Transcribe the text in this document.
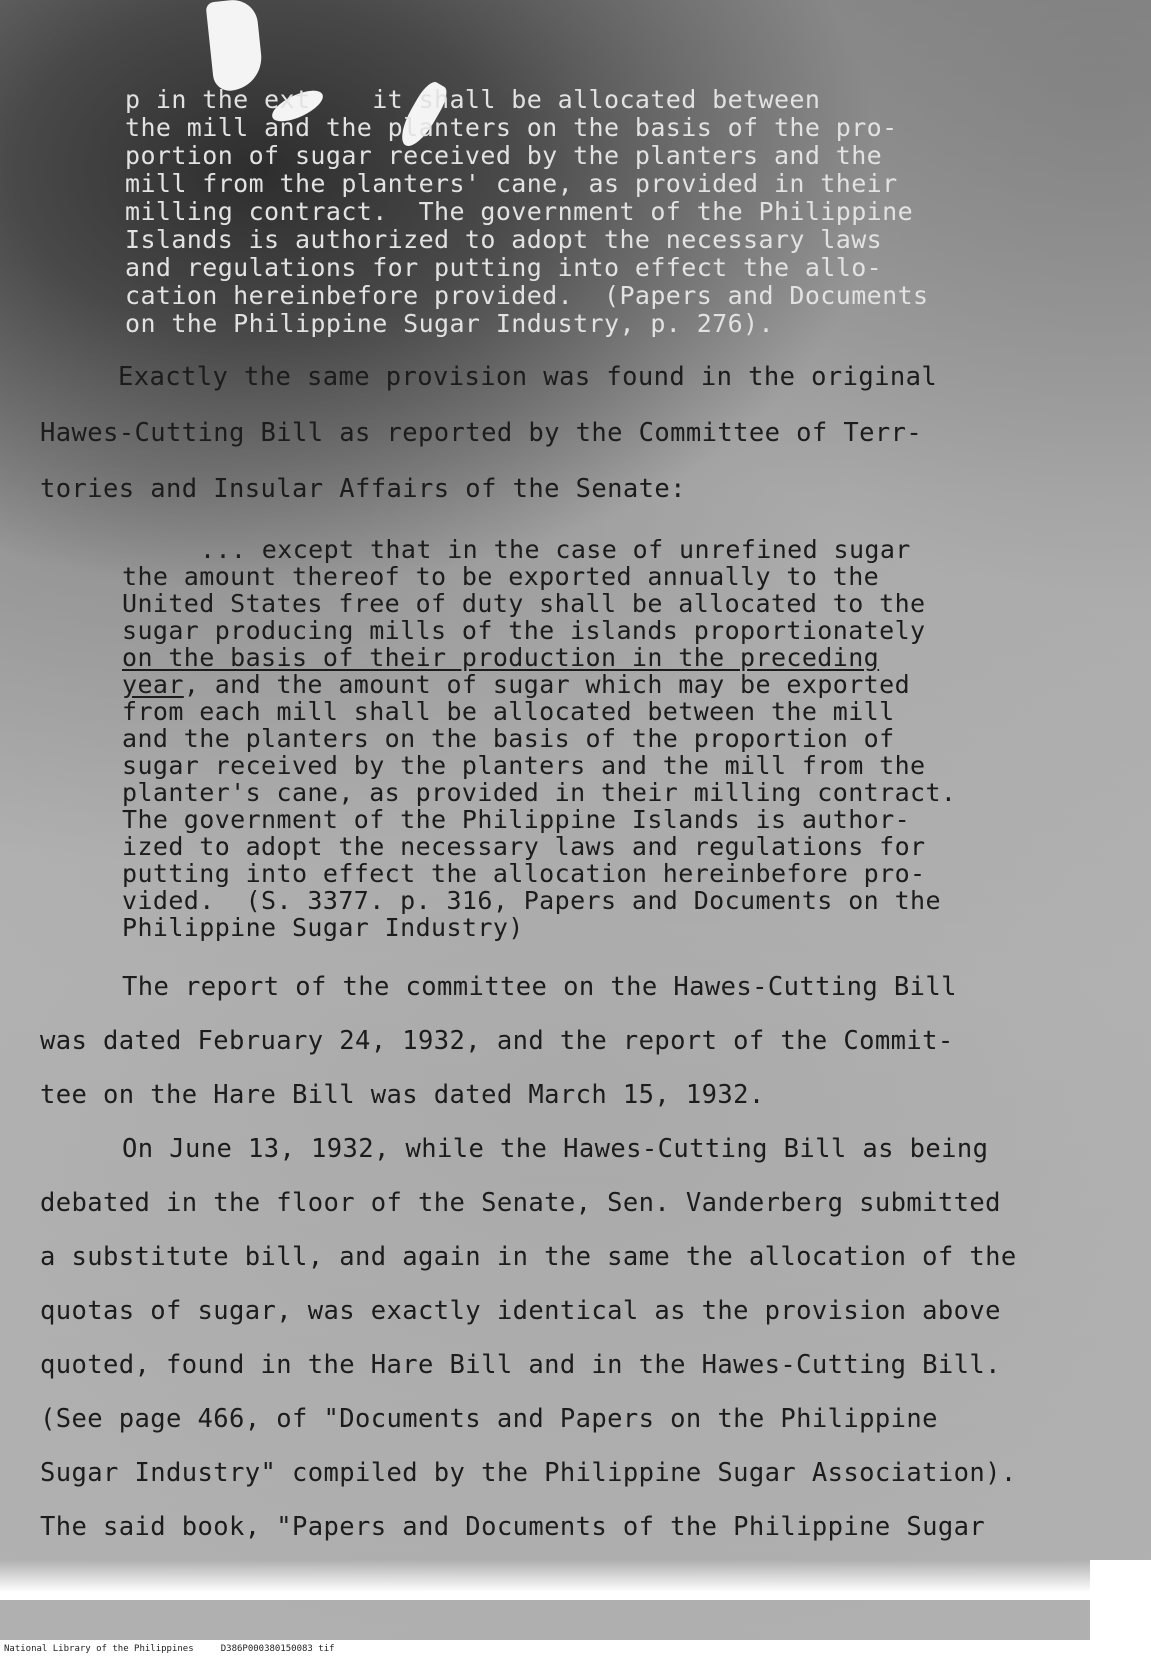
p in the ext    it shall be allocated between
the mill and the planters on the basis of the pro-
portion of sugar received by the planters and the
mill from the planters' cane, as provided in their
milling contract.  The government of the Philippine
Islands is authorized to adopt the necessary laws
and regulations for putting into effect the allo-
cation hereinbefore provided.  (Papers and Documents
on the Philippine Sugar Industry, p. 276).
Exactly the same provision was found in the original
Hawes-Cutting Bill as reported by the Committee of Terr-
tories and Insular Affairs of the Senate:
... except that in the case of unrefined sugar
the amount thereof to be exported annually to the
United States free of duty shall be allocated to the
sugar producing mills of the islands proportionately
on the basis of their production in the preceding
year, and the amount of sugar which may be exported
from each mill shall be allocated between the mill
and the planters on the basis of the proportion of
sugar received by the planters and the mill from the
planter's cane, as provided in their milling contract.
The government of the Philippine Islands is author-
ized to adopt the necessary laws and regulations for
putting into effect the allocation hereinbefore pro-
vided.  (S. 3377. p. 316, Papers and Documents on the
Philippine Sugar Industry)
The report of the committee on the Hawes-Cutting Bill
was dated February 24, 1932, and the report of the Commit-
tee on the Hare Bill was dated March 15, 1932.
On June 13, 1932, while the Hawes-Cutting Bill as being
debated in the floor of the Senate, Sen. Vanderberg submitted
a substitute bill, and again in the same the allocation of the
quotas of sugar, was exactly identical as the provision above
quoted, found in the Hare Bill and in the Hawes-Cutting Bill.
(See page 466, of "Documents and Papers on the Philippine
Sugar Industry" compiled by the Philippine Sugar Association).
The said book, "Papers and Documents of the Philippine Sugar
National Library of the Philippines     D386P000380150083 tif
